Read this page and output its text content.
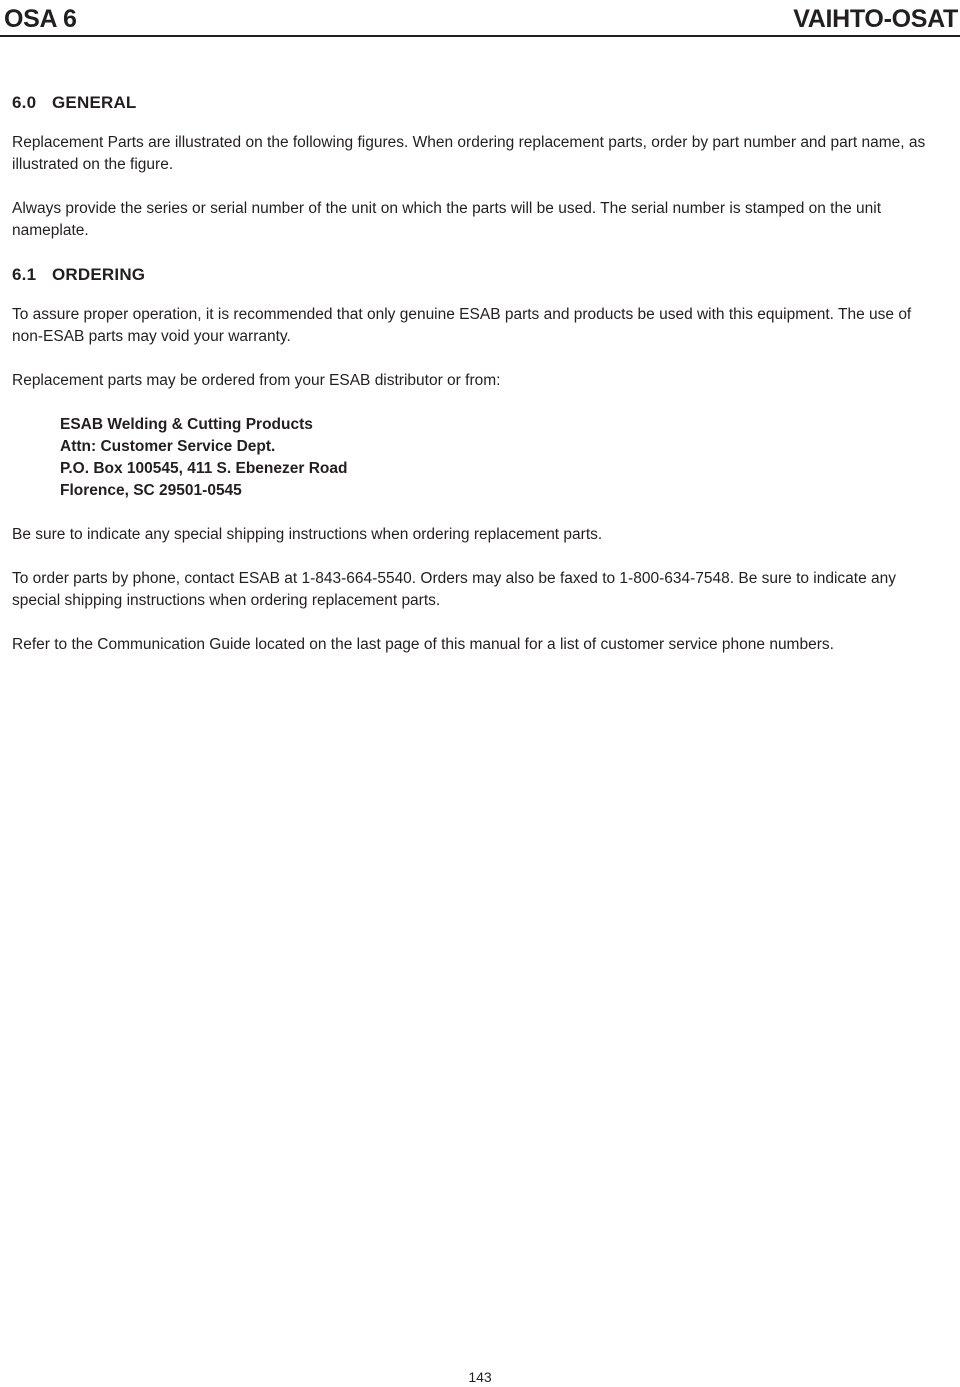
OSA 6	VAIHTO-OSAT
6.0 GENERAL

Replacement Parts are illustrated on the following figures. When ordering replacement parts, order by part number and part name, as illustrated on the figure.

Always provide the series or serial number of the unit on which the parts will be used. The serial number is stamped on the unit nameplate.

6.1 ORDERING

To assure proper operation, it is recommended that only genuine ESAB parts and products be used with this equipment. The use of non-ESAB parts may void your warranty.

Replacement parts may be ordered from your ESAB distributor or from:

ESAB Welding & Cutting Products
Attn: Customer Service Dept.
P.O. Box 100545, 411 S. Ebenezer Road
Florence, SC 29501-0545

Be sure to indicate any special shipping instructions when ordering replacement parts.

To order parts by phone, contact ESAB at 1-843-664-5540. Orders may also be faxed to 1-800-634-7548. Be sure to indicate any special shipping instructions when ordering replacement parts.

Refer to the Communication Guide located on the last page of this manual for a list of customer service phone numbers.

143
